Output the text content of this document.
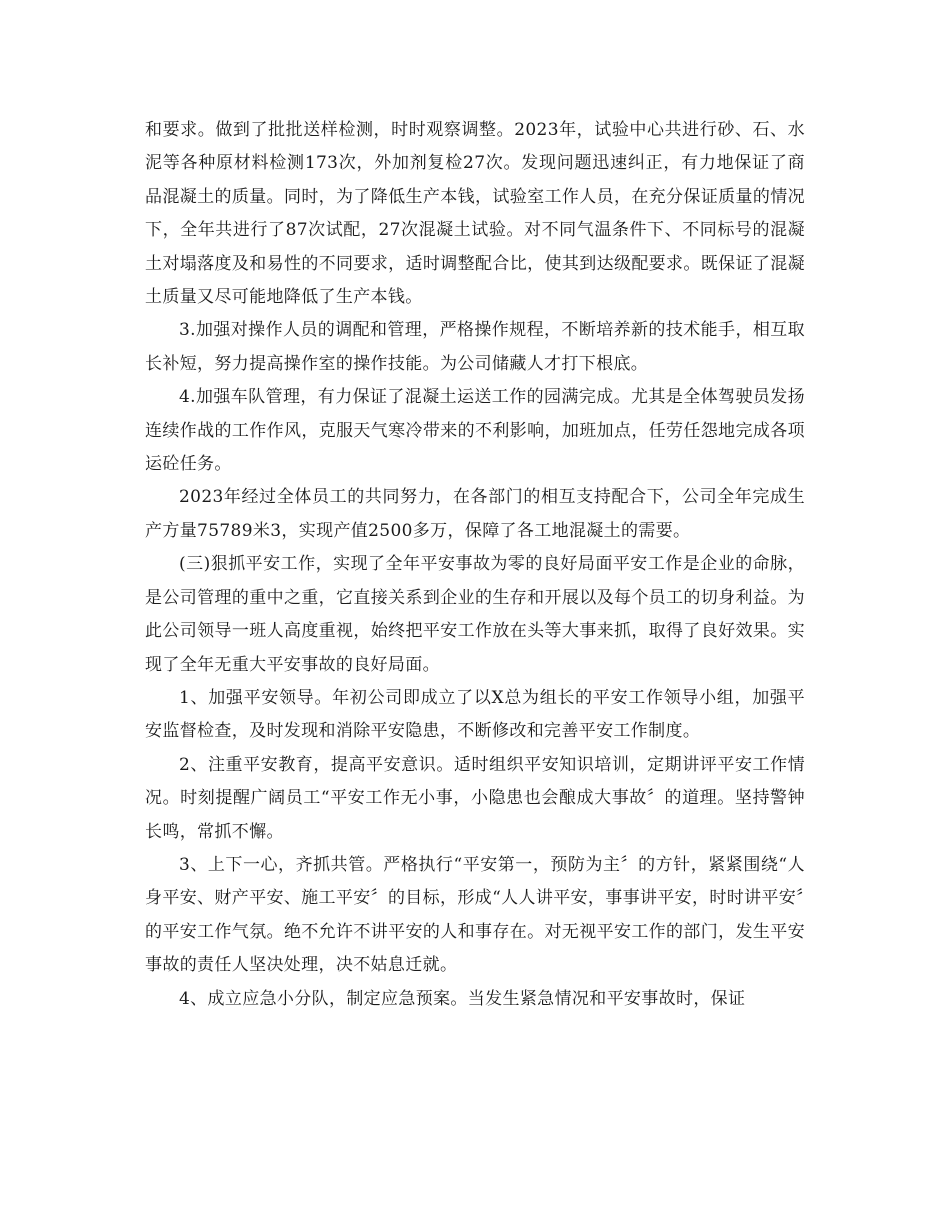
和要求。做到了批批送样检测，时时观察调整。2023年，试验中心共进行砂、石、水泥等各种原材料检测173次，外加剂复检27次。发现问题迅速纠正，有力地保证了商品混凝土的质量。同时，为了降低生产本钱，试验室工作人员，在充分保证质量的情况下，全年共进行了87次试配，27次混凝土试验。对不同气温条件下、不同标号的混凝土对塌落度及和易性的不同要求，适时调整配合比，使其到达级配要求。既保证了混凝土质量又尽可能地降低了生产本钱。

3.加强对操作人员的调配和管理，严格操作规程，不断培养新的技术能手，相互取长补短，努力提高操作室的操作技能。为公司储藏人才打下根底。

4.加强车队管理，有力保证了混凝土运送工作的园满完成。尤其是全体驾驶员发扬连续作战的工作作风，克服天气寒冷带来的不利影响，加班加点，任劳任怨地完成各项运砼任务。

2023年经过全体员工的共同努力，在各部门的相互支持配合下，公司全年完成生产方量75789米3，实现产值2500多万，保障了各工地混凝土的需要。

(三)狠抓平安工作，实现了全年平安事故为零的良好局面平安工作是企业的命脉，是公司管理的重中之重，它直接关系到企业的生存和开展以及每个员工的切身利益。为此公司领导一班人高度重视，始终把平安工作放在头等大事来抓，取得了良好效果。实现了全年无重大平安事故的良好局面。

1、加强平安领导。年初公司即成立了以X总为组长的平安工作领导小组，加强平安监督检查，及时发现和消除平安隐患，不断修改和完善平安工作制度。

2、注重平安教育，提高平安意识。适时组织平安知识培训，定期讲评平安工作情况。时刻提醒广阔员工“平安工作无小事，小隐患也会酿成大事故〞的道理。坚持警钟长鸣，常抓不懈。

3、上下一心，齐抓共管。严格执行“平安第一，预防为主〞的方针，紧紧围绕“人身平安、财产平安、施工平安〞的目标，形成“人人讲平安，事事讲平安，时时讲平安〞的平安工作气氛。绝不允许不讲平安的人和事存在。对无视平安工作的部门，发生平安事故的责任人坚决处理，决不姑息迁就。

4、成立应急小分队，制定应急预案。当发生紧急情况和平安事故时，保证
